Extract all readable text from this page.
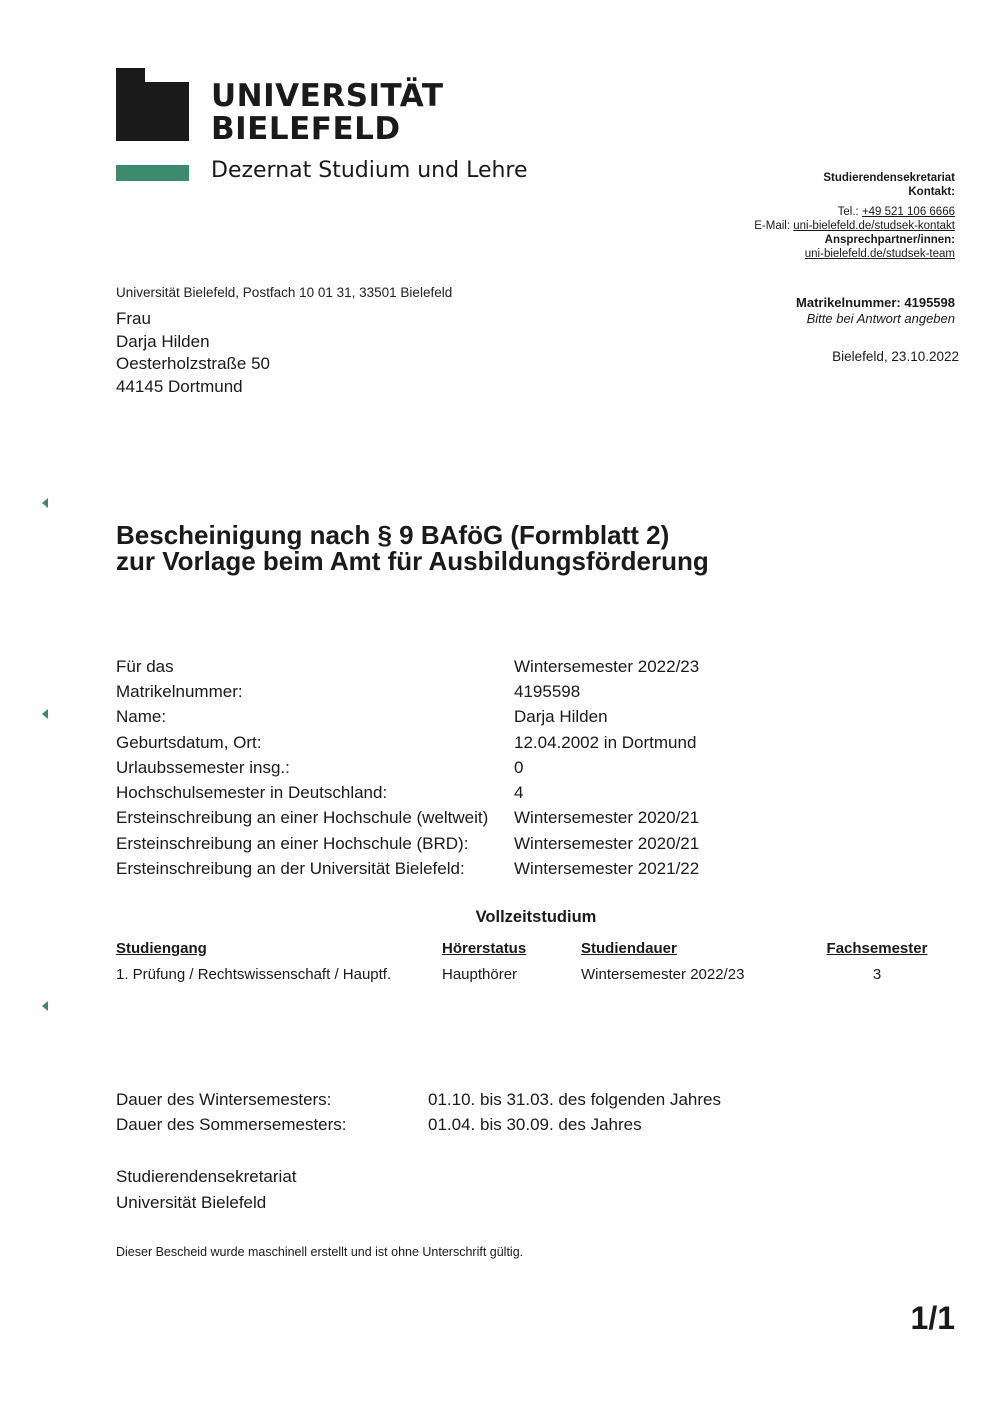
UNIVERSITÄT
BIELEFELD
Dezernat Studium und Lehre	Studierendensekretariat
Kontakt:
Tel.: +49 521 106 6666
E-Mail: uni-bielefeld.de/studsek-kontakt
Ansprechpartner/innen:
uni-bielefeld.de/studsek-team
Universität Bielefeld, Postfach 10 01 31, 33501 Bielefeld
Frau
Darja Hilden
Oesterholzstraße 50
44145 Dortmund
Matrikelnummer: 4195598
Bitte bei Antwort angeben
Bielefeld, 23.10.2022
Bescheinigung nach § 9 BAföG (Formblatt 2)
zur Vorlage beim Amt für Ausbildungsförderung
Für das	Wintersemester 2022/23
Matrikelnummer:	4195598
Name:	Darja Hilden
Geburtsdatum, Ort:	12.04.2002 in Dortmund
Urlaubssemester insg.:	0
Hochschulsemester in Deutschland:	4
Ersteinschreibung an einer Hochschule (weltweit)	Wintersemester 2020/21
Ersteinschreibung an einer Hochschule (BRD):	Wintersemester 2020/21
Ersteinschreibung an der Universität Bielefeld:	Wintersemester 2021/22
Vollzeitstudium
Studiengang	Hörerstatus	Studiendauer	Fachsemester
1. Prüfung / Rechtswissenschaft / Hauptf.	Haupthörer	Wintersemester 2022/23	3
Dauer des Wintersemesters:	01.10. bis 31.03. des folgenden Jahres
Dauer des Sommersemesters:	01.04. bis 30.09. des Jahres
Studierendensekretariat
Universität Bielefeld
Dieser Bescheid wurde maschinell erstellt und ist ohne Unterschrift gültig.
1/1
